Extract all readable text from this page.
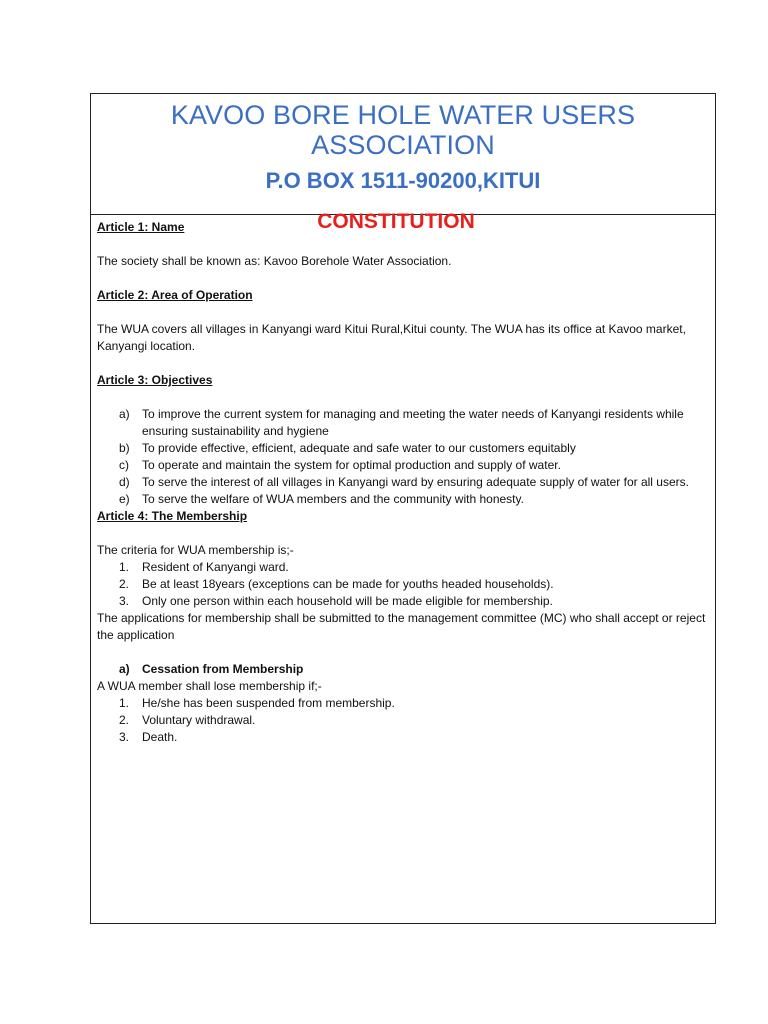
KAVOO BORE HOLE WATER USERS ASSOCIATION
P.O BOX 1511-90200,KITUI
CONSTITUTION

Article 1: Name

The society shall be known as: Kavoo Borehole Water Association.

Article 2: Area of Operation

The WUA covers all villages in Kanyangi ward Kitui Rural,Kitui county. The WUA has its office at Kavoo market, Kanyangi location.

Article 3: Objectives

a) To improve the current system for managing and meeting the water needs of Kanyangi residents while ensuring sustainability and hygiene
b) To provide effective, efficient, adequate and safe water to our customers equitably
c) To operate and maintain the system for optimal production and supply of water.
d) To serve the interest of all villages in Kanyangi ward by ensuring adequate supply of water for all users.
e) To serve the welfare of WUA members and the community with honesty.

Article 4: The Membership

The criteria for WUA membership is;-

1. Resident of Kanyangi ward.
2. Be at least 18years (exceptions can be made for youths headed households).
3. Only one person within each household will be made eligible for membership.

The applications for membership shall be submitted to the management committee (MC) who shall accept or reject the application

a) Cessation from Membership

A WUA member shall lose membership if;-

1. He/she has been suspended from membership.
2. Voluntary withdrawal.
3. Death.
